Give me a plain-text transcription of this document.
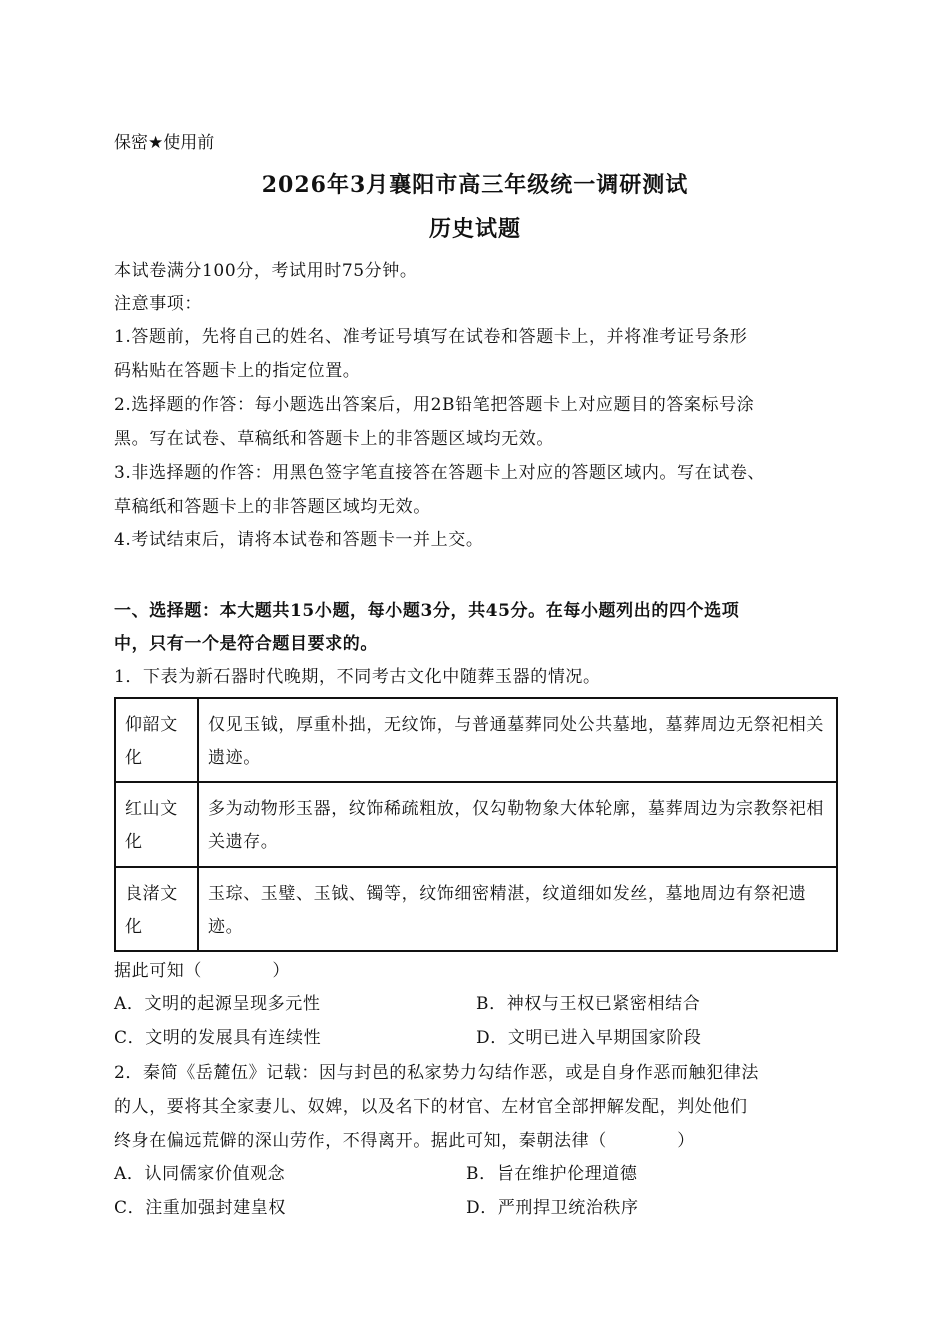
保密★使用前
2026年3月襄阳市高三年级统一调研测试
历史试题
本试卷满分100分，考试用时75分钟。
注意事项：
1.答题前，先将自己的姓名、准考证号填写在试卷和答题卡上，并将准考证号条形
码粘贴在答题卡上的指定位置。
2.选择题的作答：每小题选出答案后，用2B铅笔把答题卡上对应题目的答案标号涂
黑。写在试卷、草稿纸和答题卡上的非答题区域均无效。
3.非选择题的作答：用黑色签字笔直接答在答题卡上对应的答题区域内。写在试卷、
草稿纸和答题卡上的非答题区域均无效。
4.考试结束后，请将本试卷和答题卡一并上交。
一、选择题：本大题共15小题，每小题3分，共45分。在每小题列出的四个选项
中，只有一个是符合题目要求的。
1．下表为新石器时代晚期，不同考古文化中随葬玉器的情况。
仰韶文化	仅见玉钺，厚重朴拙，无纹饰，与普通墓葬同处公共墓地，墓葬周边无祭祀相关遗迹。
红山文化	多为动物形玉器，纹饰稀疏粗放，仅勾勒物象大体轮廓，墓葬周边为宗教祭祀相关遗存。
良渚文化	玉琮、玉璧、玉钺、镯等，纹饰细密精湛，纹道细如发丝，墓地周边有祭祀遗迹。
据此可知（　　　　）
A．文明的起源呈现多元性	B．神权与王权已紧密相结合
C．文明的发展具有连续性	D．文明已进入早期国家阶段
2．秦简《岳麓伍》记载：因与封邑的私家势力勾结作恶，或是自身作恶而触犯律法
的人，要将其全家妻儿、奴婢，以及名下的材官、左材官全部押解发配，判处他们
终身在偏远荒僻的深山劳作，不得离开。据此可知，秦朝法律（　　　　）
A．认同儒家价值观念	B．旨在维护伦理道德
C．注重加强封建皇权	D．严刑捍卫统治秩序
